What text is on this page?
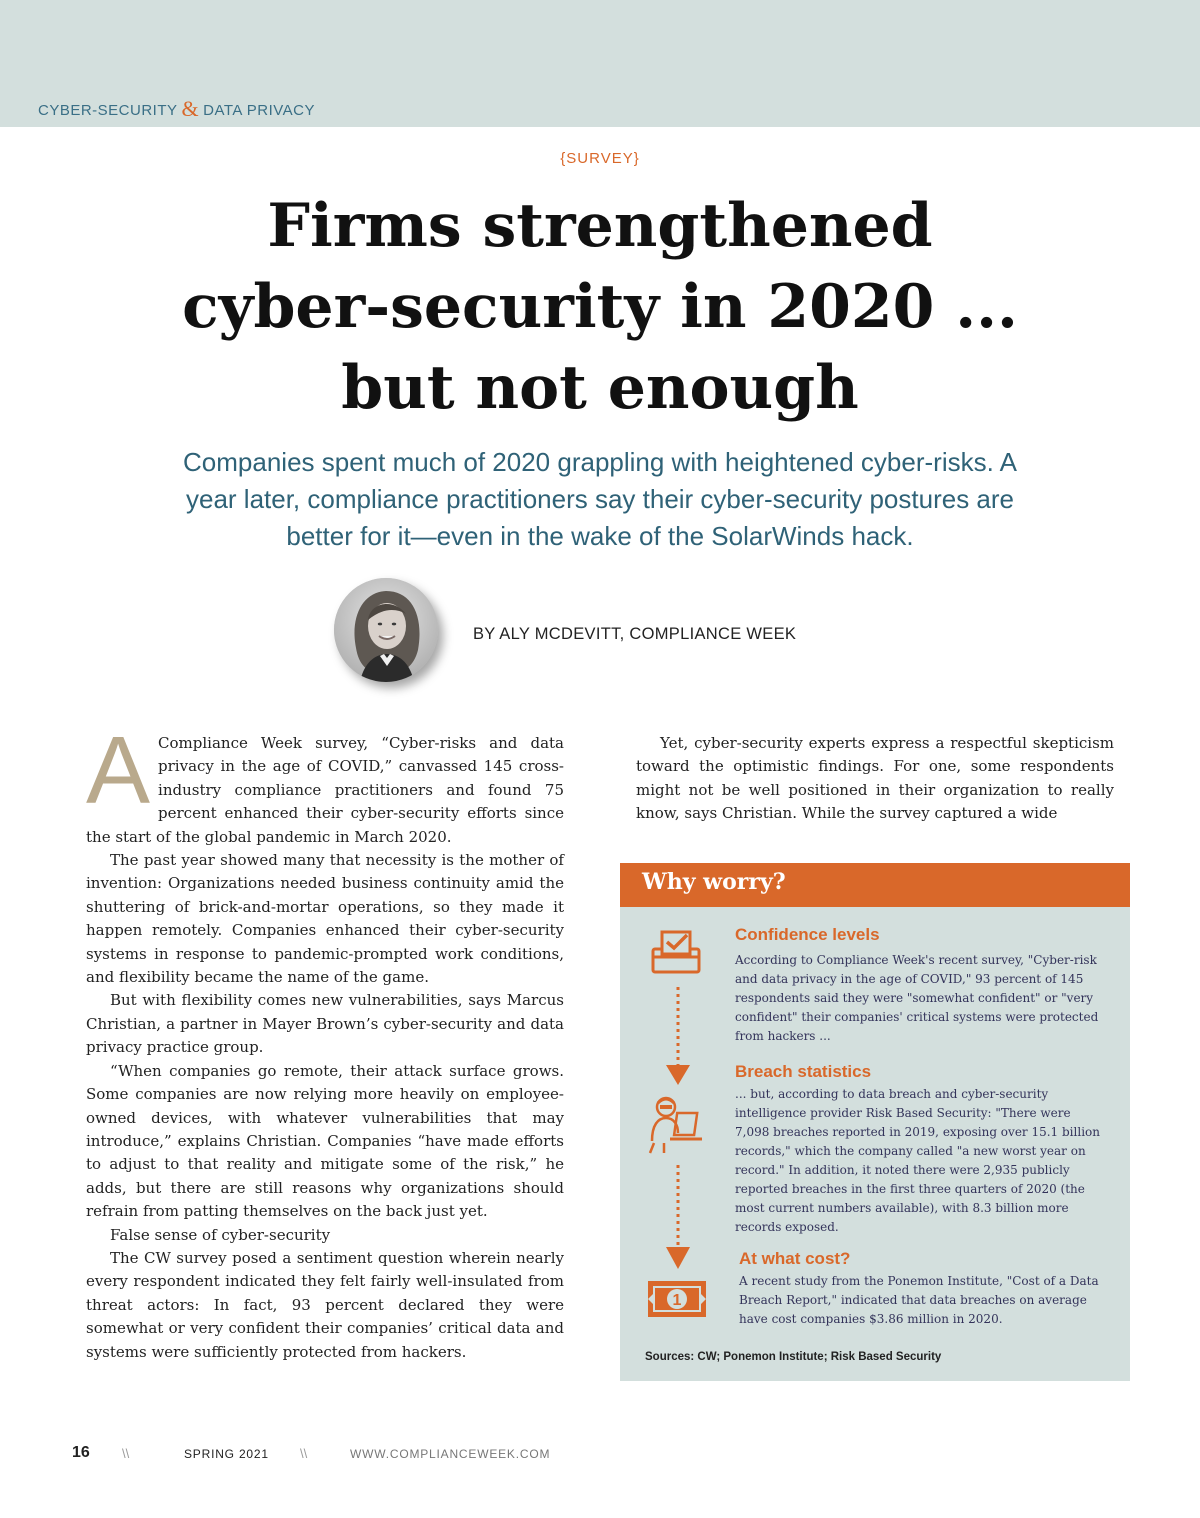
CYBER-SECURITY & DATA PRIVACY
{SURVEY}
Firms strengthened
cyber-security in 2020 ...
but not enough

Companies spent much of 2020 grappling with heightened cyber-risks. A
year later, compliance practitioners say their cyber-security postures are
better for it—even in the wake of the SolarWinds hack.

BY ALY MCDEVITT, COMPLIANCE WEEK

A Compliance Week survey, “Cyber-risks and data privacy in the age of COVID,” canvassed 145 cross-industry compliance practitioners and found 75 percent enhanced their cyber-security efforts since the start of the global pandemic in March 2020.

The past year showed many that necessity is the mother of invention: Organizations needed business continuity amid the shuttering of brick-and-mortar operations, so they made it happen remotely. Companies enhanced their cyber-security systems in response to pandemic-prompted work conditions, and flexibility became the name of the game.

But with flexibility comes new vulnerabilities, says Marcus Christian, a partner in Mayer Brown’s cyber-security and data privacy practice group.

“When companies go remote, their attack surface grows. Some companies are now relying more heavily on employee-owned devices, with whatever vulnerabilities that may introduce,” explains Christian. Companies “have made efforts to adjust to that reality and mitigate some of the risk,” he adds, but there are still reasons why organizations should refrain from patting themselves on the back just yet.

False sense of cyber-security

The CW survey posed a sentiment question wherein nearly every respondent indicated they felt fairly well-insulated from threat actors: In fact, 93 percent declared they were somewhat or very confident their companies’ critical data and systems were sufficiently protected from hackers.

Yet, cyber-security experts express a respectful skepticism toward the optimistic findings. For one, some respondents might not be well positioned in their organization to really know, says Christian. While the survey captured a wide

Why worry?
1
Confidence levels
According to Compliance Week's recent survey, "Cyber-risk and data privacy in the age of COVID," 93 percent of 145 respondents said they were "somewhat confident" or "very confident" their companies' critical systems were protected from hackers ...
Breach statistics
... but, according to data breach and cyber-security intelligence provider Risk Based Security: "There were 7,098 breaches reported in 2019, exposing over 15.1 billion records," which the company called "a new worst year on record." In addition, it noted there were 2,935 publicly reported breaches in the first three quarters of 2020 (the most current numbers available), with 8.3 billion more records exposed.
At what cost?
A recent study from the Ponemon Institute, "Cost of a Data Breach Report," indicated that data breaches on average have cost companies $3.86 million in 2020.
Sources: CW; Ponemon Institute; Risk Based Security
16 \\	SPRING 2021 \\	WWW.COMPLIANCEWEEK.COM
